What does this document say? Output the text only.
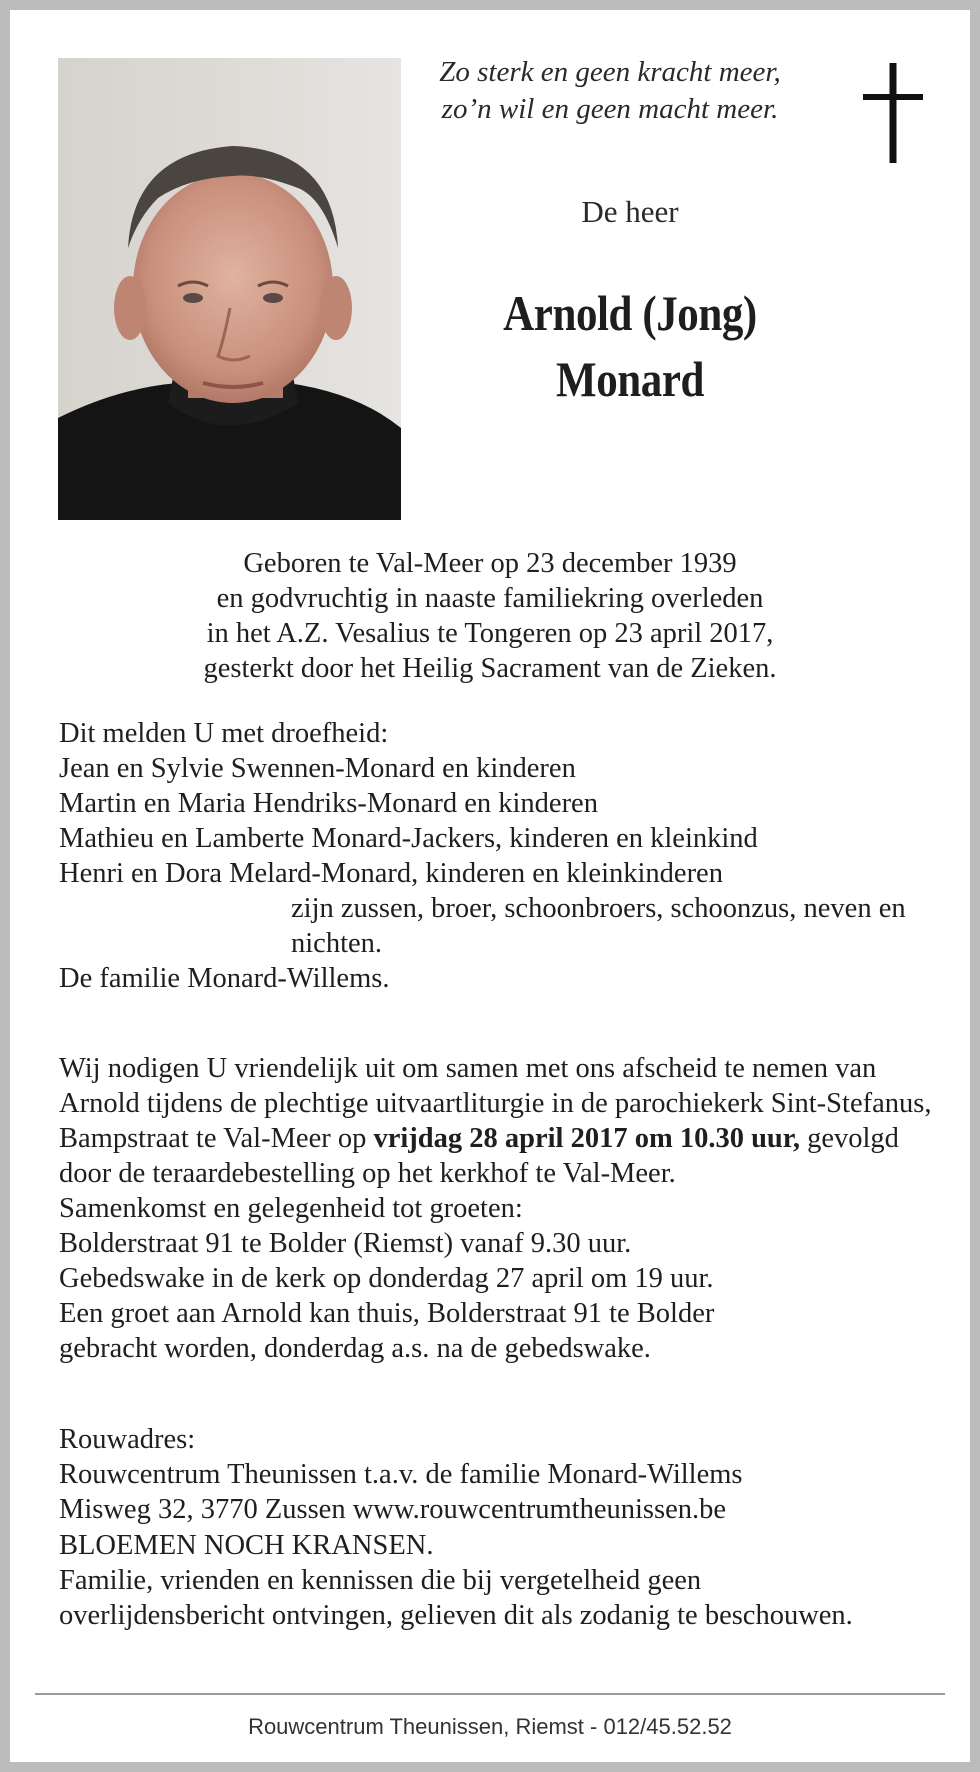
Zo sterk en geen kracht meer,
zo’n wil en geen macht meer.
De heer
Arnold (Jong)
Monard
Geboren te Val-Meer op 23 december 1939
en godvruchtig in naaste familiekring overleden
in het A.Z. Vesalius te Tongeren op 23 april 2017,
gesterkt door het Heilig Sacrament van de Zieken.
Dit melden U met droefheid:
Jean en Sylvie Swennen-Monard en kinderen
Martin en Maria Hendriks-Monard en kinderen
Mathieu en Lamberte Monard-Jackers, kinderen en kleinkind
Henri en Dora Melard-Monard, kinderen en kleinkinderen
zijn zussen, broer, schoonbroers, schoonzus, neven en nichten.
De familie Monard-Willems.
Wij nodigen U vriendelijk uit om samen met ons afscheid te nemen van Arnold tijdens de plechtige uitvaartliturgie in de parochiekerk Sint-Stefanus, Bampstraat te Val-Meer op vrijdag 28 april 2017 om 10.30 uur, gevolgd door de teraardebestelling op het kerkhof te Val-Meer.
Samenkomst en gelegenheid tot groeten:
Bolderstraat 91 te Bolder (Riemst) vanaf 9.30 uur.
Gebedswake in de kerk op donderdag 27 april om 19 uur.
Een groet aan Arnold kan thuis, Bolderstraat 91 te Bolder
gebracht worden, donderdag a.s. na de gebedswake.
Rouwadres:
Rouwcentrum Theunissen t.a.v. de familie Monard-Willems
Misweg 32, 3770 Zussen www.rouwcentrumtheunissen.be
BLOEMEN NOCH KRANSEN.
Familie, vrienden en kennissen die bij vergetelheid geen overlijdensbericht ontvingen, gelieven dit als zodanig te beschouwen.
Rouwcentrum Theunissen, Riemst - 012/45.52.52
